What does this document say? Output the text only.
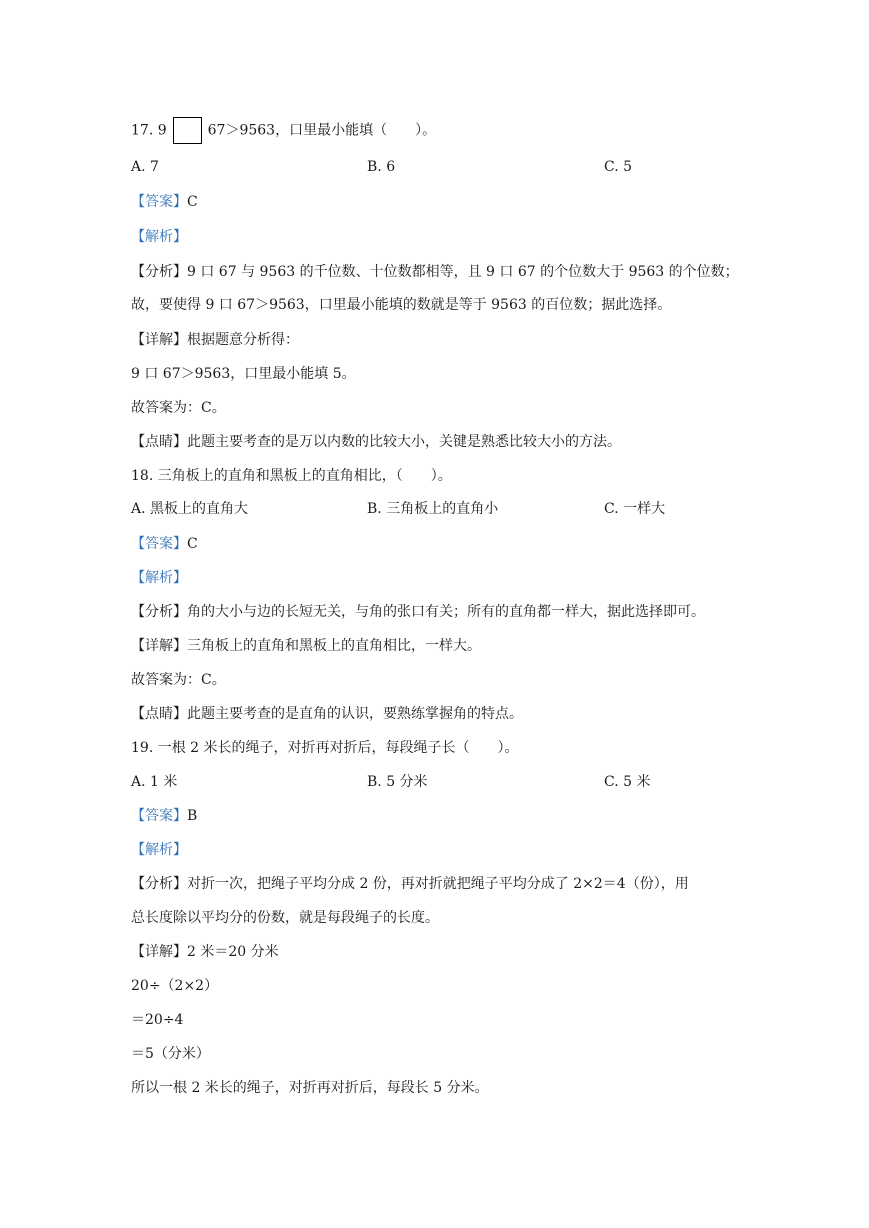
17. 9	67＞9563，口里最小能填（　　）。
A. 7	B. 6	C. 5
【答案】C
【解析】
【分析】9 口 67 与 9563 的千位数、十位数都相等，且 9 口 67 的个位数大于 9563 的个位数；
故，要使得 9 口 67＞9563，口里最小能填的数就是等于 9563 的百位数；据此选择。
【详解】根据题意分析得：
9 口 67＞9563，口里最小能填 5。
故答案为：C。
【点睛】此题主要考查的是万以内数的比较大小，关键是熟悉比较大小的方法。
18. 三角板上的直角和黑板上的直角相比，（　　）。
A. 黑板上的直角大	B. 三角板上的直角小	C. 一样大
【答案】C
【解析】
【分析】角的大小与边的长短无关，与角的张口有关；所有的直角都一样大，据此选择即可。
【详解】三角板上的直角和黑板上的直角相比，一样大。
故答案为：C。
【点睛】此题主要考查的是直角的认识，要熟练掌握角的特点。
19. 一根 2 米长的绳子，对折再对折后，每段绳子长（　　）。
A. 1 米	B. 5 分米	C. 5 米
【答案】B
【解析】
【分析】对折一次，把绳子平均分成 2 份，再对折就把绳子平均分成了 2×2＝4（份），用
总长度除以平均分的份数，就是每段绳子的长度。
【详解】2 米＝20 分米
20÷（2×2）
＝20÷4
＝5（分米）
所以一根 2 米长的绳子，对折再对折后，每段长 5 分米。
